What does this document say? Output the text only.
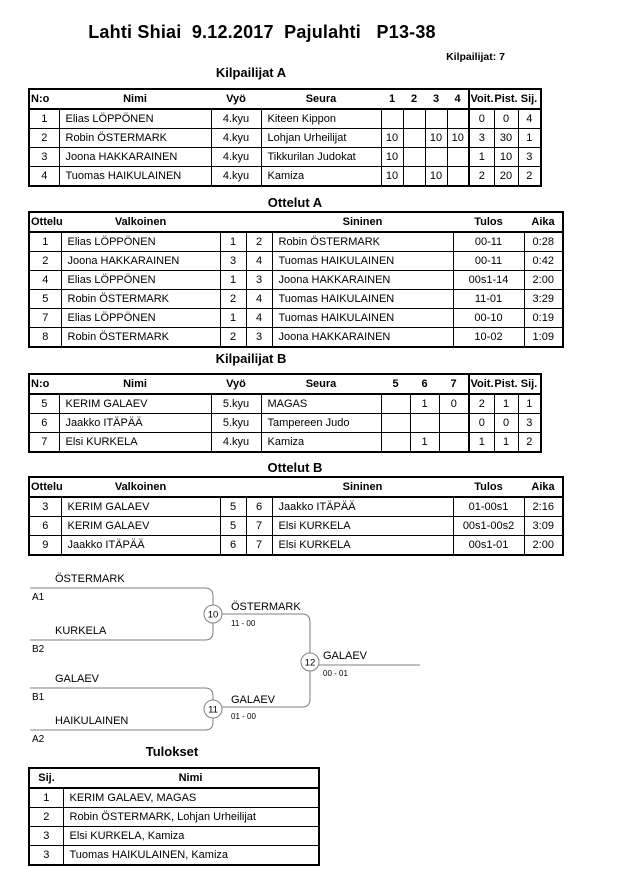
Lahti Shiai  9.12.2017  Pajulahti   P13-38
Kilpailijat: 7
Kilpailijat A
N:o	Nimi	Vyö	Seura	1	2	3	4	Voit.	Pist.	Sij.
1	Elias LÖPPÖNEN	4.kyu	Kiteen Kippon					0	0	4
2	Robin ÖSTERMARK	4.kyu	Lohjan Urheilijat	10		10	10	3	30	1
3	Joona HAKKARAINEN	4.kyu	Tikkurilan Judokat	10				1	10	3
4	Tuomas HAIKULAINEN	4.kyu	Kamiza	10		10		2	20	2
Ottelut A
Ottelu	Valkoinen			Sininen	Tulos	Aika
1	Elias LÖPPÖNEN	1	2	Robin ÖSTERMARK	00-11	0:28
2	Joona HAKKARAINEN	3	4	Tuomas HAIKULAINEN	00-11	0:42
4	Elias LÖPPÖNEN	1	3	Joona HAKKARAINEN	00s1-14	2:00
5	Robin ÖSTERMARK	2	4	Tuomas HAIKULAINEN	11-01	3:29
7	Elias LÖPPÖNEN	1	4	Tuomas HAIKULAINEN	00-10	0:19
8	Robin ÖSTERMARK	2	3	Joona HAKKARAINEN	10-02	1:09
Kilpailijat B
N:o	Nimi	Vyö	Seura	5	6	7	Voit.	Pist.	Sij.
5	KERIM GALAEV	5.kyu	MAGAS		1	0	2	1	1
6	Jaakko ITÄPÄÄ	5.kyu	Tampereen Judo				0	0	3
7	Elsi KURKELA	4.kyu	Kamiza		1		1	1	2
Ottelut B
Ottelu	Valkoinen			Sininen	Tulos	Aika
3	KERIM GALAEV	5	6	Jaakko ITÄPÄÄ	01-00s1	2:16
6	KERIM GALAEV	5	7	Elsi KURKELA	00s1-00s2	3:09
9	Jaakko ITÄPÄÄ	6	7	Elsi KURKELA	00s1-01	2:00
ÖSTERMARK
A1
KURKELA
B2
GALAEV
B1
HAIKULAINEN
A2
10
ÖSTERMARK
11 - 00
11
GALAEV
01 - 00
12
GALAEV
00 - 01
Tulokset
Sij.	Nimi
1	KERIM GALAEV, MAGAS
2	Robin ÖSTERMARK, Lohjan Urheilijat
3	Elsi KURKELA, Kamiza
3	Tuomas HAIKULAINEN, Kamiza
